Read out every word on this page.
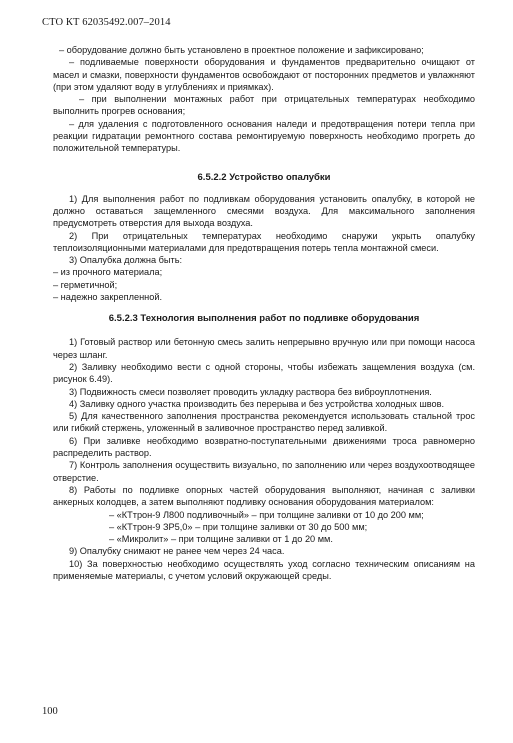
СТО КТ 62035492.007–2014

– оборудование должно быть установлено в проектное положение и зафиксировано;

– подливаемые поверхности оборудования и фундаментов предварительно очищают от масел и смазки, поверхности фундаментов освобождают от посторонних предметов и увлажняют (при этом удаляют воду в углублениях и приямках).

– при выполнении монтажных работ при отрицательных температурах необходимо выполнить прогрев основания;

– для удаления с подготовленного основания наледи и предотвращения потери тепла при реакции гидратации ремонтного состава ремонтируемую поверхность необходимо прогреть до положительной температуры.

6.5.2.2 Устройство опалубки

1) Для выполнения работ по подливкам оборудования установить опалубку, в которой не должно оставаться защемленного смесями воздуха. Для максимального заполнения предусмотреть отверстия для выхода воздуха.

2) При отрицательных температурах необходимо снаружи укрыть опалубку теплоизоляционными материалами для предотвращения потерь тепла монтажной смеси.

3) Опалубка должна быть:

– из прочного материала;

– герметичной;

– надежно закрепленной.

6.5.2.3 Технология выполнения работ по подливке оборудования

1) Готовый раствор или бетонную смесь залить непрерывно вручную или при помощи насоса через шланг.

2) Заливку необходимо вести с одной стороны, чтобы избежать защемления воздуха (см. рисунок 6.49).

3) Подвижность смеси позволяет проводить укладку раствора без виброуплотнения.

4) Заливку одного участка производить без перерыва и без устройства холодных швов.

5) Для качественного заполнения пространства рекомендуется использовать стальной трос или гибкий стержень, уложенный в заливочное пространство перед заливкой.

6) При заливке необходимо возвратно-поступательными движениями троса равномерно распределить раствор.

7) Контроль заполнения осуществить визуально, по заполнению или через воздухоотводящее отверстие.

8) Работы по подливке опорных частей оборудования выполняют, начиная с заливки анкерных колодцев, а затем выполняют подливку основания оборудования материалом:

– «КТтрон-9 Л800 подливочный» – при толщине заливки от 10 до 200 мм;

– «КТтрон-9 ЗР5,0» – при толщине заливки от 30 до 500 мм;

– «Микролит» – при толщине заливки от 1 до 20 мм.

9) Опалубку снимают не ранее чем через 24 часа.

10) За поверхностью необходимо осуществлять уход согласно техническим описаниям на применяемые материалы, с учетом условий окружающей среды.

100
